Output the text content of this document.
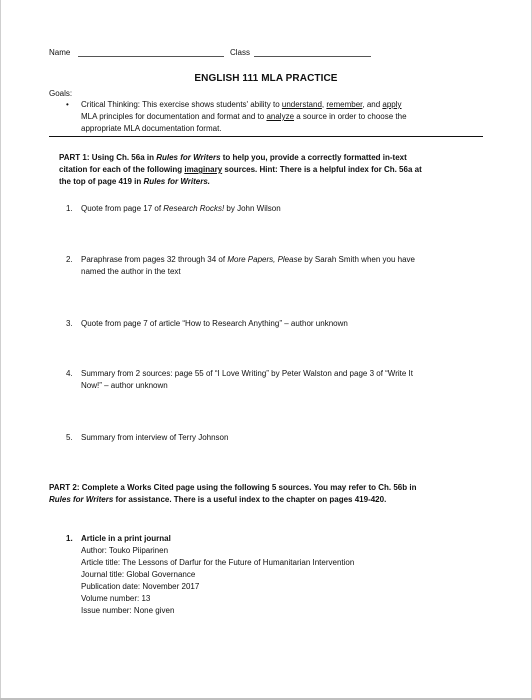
Name	Class
ENGLISH 111 MLA PRACTICE
Goals:
• Critical Thinking: This exercise shows students' ability to understand, remember, and apply
MLA principles for documentation and format and to analyze a source in order to choose the
appropriate MLA documentation format.
PART 1: Using Ch. 56a in Rules for Writers to help you, provide a correctly formatted in-text
citation for each of the following imaginary sources. Hint: There is a helpful index for Ch. 56a at
the top of page 419 in Rules for Writers.
1. Quote from page 17 of Research Rocks! by John Wilson
2. Paraphrase from pages 32 through 34 of More Papers, Please by Sarah Smith when you have
named the author in the text
3. Quote from page 7 of article “How to Research Anything” – author unknown
4. Summary from 2 sources: page 55 of “I Love Writing” by Peter Walston and page 3 of “Write It
Now!” – author unknown
5. Summary from interview of Terry Johnson
PART 2: Complete a Works Cited page using the following 5 sources. You may refer to Ch. 56b in
Rules for Writers for assistance. There is a useful index to the chapter on pages 419-420.
1. Article in a print journal
Author: Touko Piiparinen
Article title: The Lessons of Darfur for the Future of Humanitarian Intervention
Journal title: Global Governance
Publication date: November 2017
Volume number: 13
Issue number: None given
